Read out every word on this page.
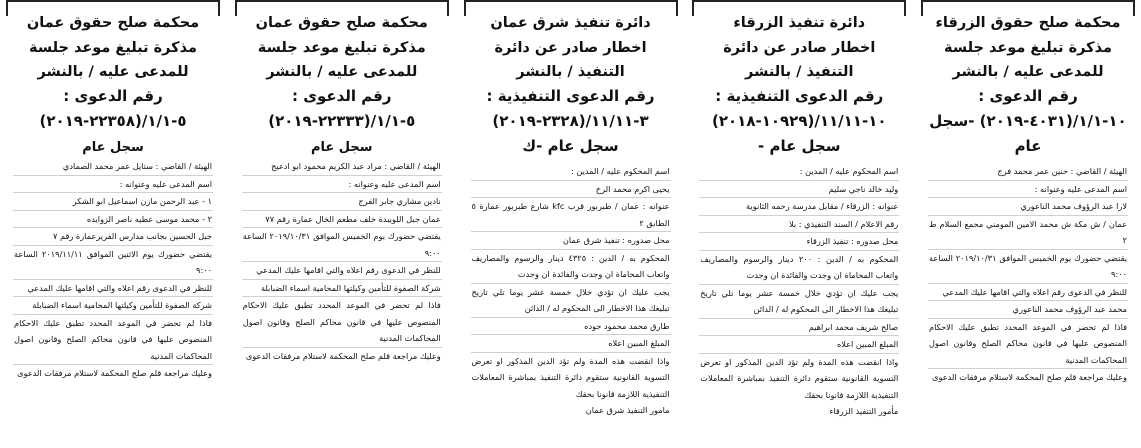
محكمة صلح حقوق الزرقاء
مذكرة تبليغ موعد جلسة للمدعى عليه / بالنشر
رقم الدعوى : ١٠-١/١/(٤٠٣١-٢٠١٩) -سجل عام
الهيئة / القاضي : حنين عمر محمد فرج
اسم المدعى عليه وعنوانه :
لارا عبد الرؤوف محمد الناعوري
عمان / ش مكة ش محمد الامين المومني مجمع السلام ط ٢
يقتضي حضورك يوم الخميس الموافق ٢٠١٩/١٠/٣١ الساعة ٩:٠٠
للنظر في الدعوى رقم اعلاه والتي اقامها عليك المدعي
محمد عبد الرؤوف محمد الناعوري
فاذا لم تحضر في الموعد المحدد تطبق عليك الاحكام المنصوص عليها في قانون محاكم الصلح وقانون اصول المحاكمات المدنية
وعليك مراجعة قلم صلح المحكمة لاستلام مرفقات الدعوى
دائرة تنفيذ الزرقاء
اخطار صادر عن دائرة التنفيذ / بالنشر
رقم الدعوى التنفيذية : ١٠-١١/١١/(١٠٩٢٩-٢٠١٨) سجل عام -
اسم المحكوم عليه / المدين :
وليد خالد ناجي سليم
عنوانه : الزرقاء / مقابل مدرسة رحمه الثانوية
رقم الاعلام / السند التنفيذي : بلا
محل صدوره : تنفيذ الزرقاء
المحكوم به / الدين : ٢٠٠ دينار والرسوم والمصاريف واتعاب المحاماة ان وجدت والفائدة ان وجدت
يجب عليك ان تؤدي خلال خمسة عشر يوما تلي تاريخ تبليغك هذا الاخطار الى المحكوم له / الدائن
صالح شريف محمد ابراهيم
المبلغ المبين اعلاه
واذا انقضت هذه المدة ولم تؤد الدين المذكور او تعرض التسوية القانونية ستقوم دائرة التنفيذ بمباشرة المعاملات التنفيذية اللازمة قانونا بحقك
مأمور التنفيذ الزرقاء
دائرة تنفيذ شرق عمان
اخطار صادر عن دائرة التنفيذ / بالنشر
رقم الدعوى التنفيذية : ٣-١١/١١/(٢٣٢٨-٢٠١٩) سجل عام -ك
اسم المحكوم عليه / المدين :
يحيى اكرم محمد الرخ
عنوانه : عمان / طبربور قرب kfc شارع طبربور عمارة ٥ الطابق ٢
محل صدوره : تنفيذ شرق عمان
المحكوم به / الدين : ٤٣٢٥ دينار والرسوم والمصاريف واتعاب المحاماة ان وجدت والفائدة ان وجدت
يجب عليك ان تؤدي خلال خمسة عشر يوما تلي تاريخ تبليغك هذا الاخطار الى المحكوم له / الدائن
طارق محمد محمود جوده
المبلغ المبين اعلاه
واذا انقضت هذه المدة ولم تؤد الدين المذكور او تعرض التسوية القانونية ستقوم دائرة التنفيذ بمباشرة المعاملات التنفيذية اللازمة قانونا بحقك
مامور التنفيذ شرق عمان
محكمة صلح حقوق عمان
مذكرة تبليغ موعد جلسة للمدعى عليه / بالنشر
رقم الدعوى : ٥-١/١/(٢٢٣٣٣-٢٠١٩)
سجل عام
الهيئة / القاضي : مراد عبد الكريم محمود ابو ادعيج
اسم المدعى عليه وعنوانه :
نادين مشاري جابر الفرج
عمان جبل اللويبدة خلف مطعم الخال عمارة رقم ٧٧
يقتضي حضورك يوم الخميس الموافق ٢٠١٩/١٠/٣١ الساعة ٩:٠٠
للنظر في الدعوى رقم اعلاه والتي اقامها عليك المدعي
شركة الصفوة للتأمين وكيلتها المحامية اسماء الضبابلة
فاذا لم تحضر في الموعد المحدد تطبق عليك الاحكام المنصوص عليها في قانون محاكم الصلح وقانون اصول المحاكمات المدنية
وعليك مراجعة قلم صلح المحكمة لاستلام مرفقات الدعوى
محكمة صلح حقوق عمان
مذكرة تبليغ موعد جلسة للمدعى عليه / بالنشر
رقم الدعوى : ٥-١/١/(٢٢٣٥٨-٢٠١٩)
سجل عام
الهيئة / القاضي : ستايل عمر محمد الصمادي
اسم المدعى عليه وعنوانه :
١ - عبد الرحمن مازن اسماعيل ابو الشكر
٢ - محمد موسى عطيه ناصر الزوايده
جبل الحسين بجانب مدارس الفريرعمارة رقم ٧
يقتضي حضورك يوم الاثنين الموافق ٢٠١٩/١١/١١ الساعة ٩:٠٠
للنظر في الدعوى رقم اعلاه والتي اقامها عليك المدعي
شركة الصفوة للتأمين وكيلتها المحامية اسماء الضبابلة
فاذا لم تحضر في الموعد المحدد تطبق عليك الاحكام المنصوص عليها في قانون محاكم الصلح وقانون اصول المحاكمات المدنية
وعليك مراجعة قلم صلح المحكمة لاستلام مرفقات الدعوى
